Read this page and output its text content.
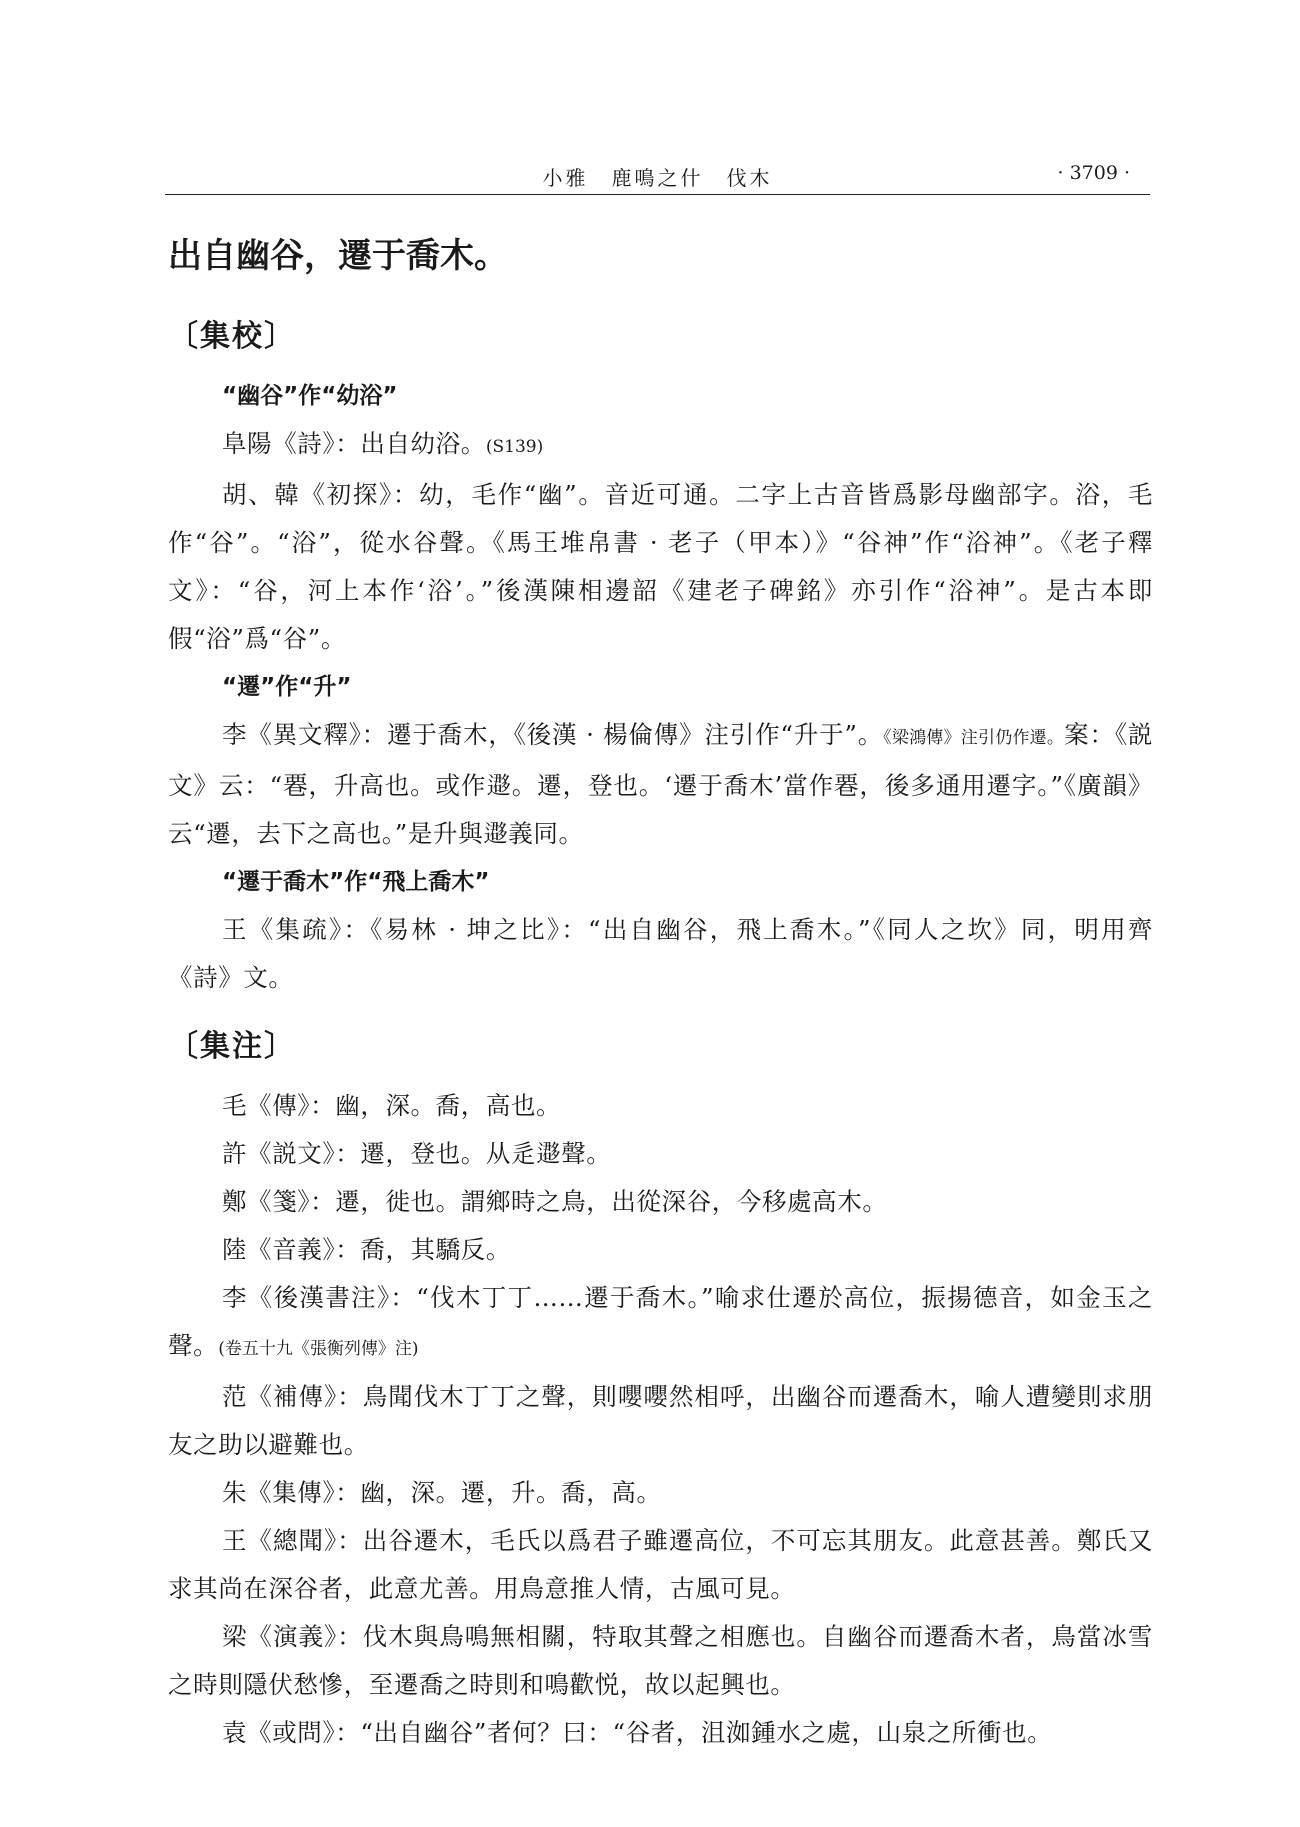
小雅　鹿鳴之什　伐木	· 3709 ·
出自幽谷，遷于喬木。
〔集校〕

“幽谷”作“幼浴”

阜陽《詩》：出自幼浴。(S139)

胡、韓《初探》：幼，毛作“幽”。音近可通。二字上古音皆爲影母幽部字。浴，毛作“谷”。“浴”，從水谷聲。《馬王堆帛書 · 老子（甲本）》“谷神”作“浴神”。《老子釋文》：“谷，河上本作‘浴’。”後漢陳相邊韶《建老子碑銘》亦引作“浴神”。是古本即假“浴”爲“谷”。

“遷”作“升”

李《異文釋》：遷于喬木，《後漢 · 楊倫傳》注引作“升于”。《梁鴻傳》注引仍作遷。案：《説文》云：“䙴，升高也。或作𨘂。遷，登也。‘遷于喬木’當作䙴，後多通用遷字。”《廣韻》云“遷，去下之高也。”是升與𨘂義同。

“遷于喬木”作“飛上喬木”

王《集疏》：《易林 · 坤之比》：“出自幽谷，飛上喬木。”《同人之坎》同，明用齊《詩》文。

〔集注〕

毛《傳》：幽，深。喬，高也。

許《説文》：遷，登也。从辵𨘂聲。

鄭《箋》：遷，徙也。謂鄉時之鳥，出從深谷，今移處高木。

陸《音義》：喬，其驕反。

李《後漢書注》：“伐木丁丁……遷于喬木。”喻求仕遷於高位，振揚德音，如金玉之聲。(卷五十九《張衡列傳》注)

范《補傳》：鳥聞伐木丁丁之聲，則嚶嚶然相呼，出幽谷而遷喬木，喻人遭變則求朋友之助以避難也。

朱《集傳》：幽，深。遷，升。喬，高。

王《總聞》：出谷遷木，毛氏以爲君子雖遷高位，不可忘其朋友。此意甚善。鄭氏又求其尚在深谷者，此意尤善。用鳥意推人情，古風可見。

梁《演義》：伐木與鳥鳴無相關，特取其聲之相應也。自幽谷而遷喬木者，鳥當冰雪之時則隱伏愁慘，至遷喬之時則和鳴歡悦，故以起興也。

袁《或問》：“出自幽谷”者何？曰：“谷者，沮洳鍾水之處，山泉之所衝也。
